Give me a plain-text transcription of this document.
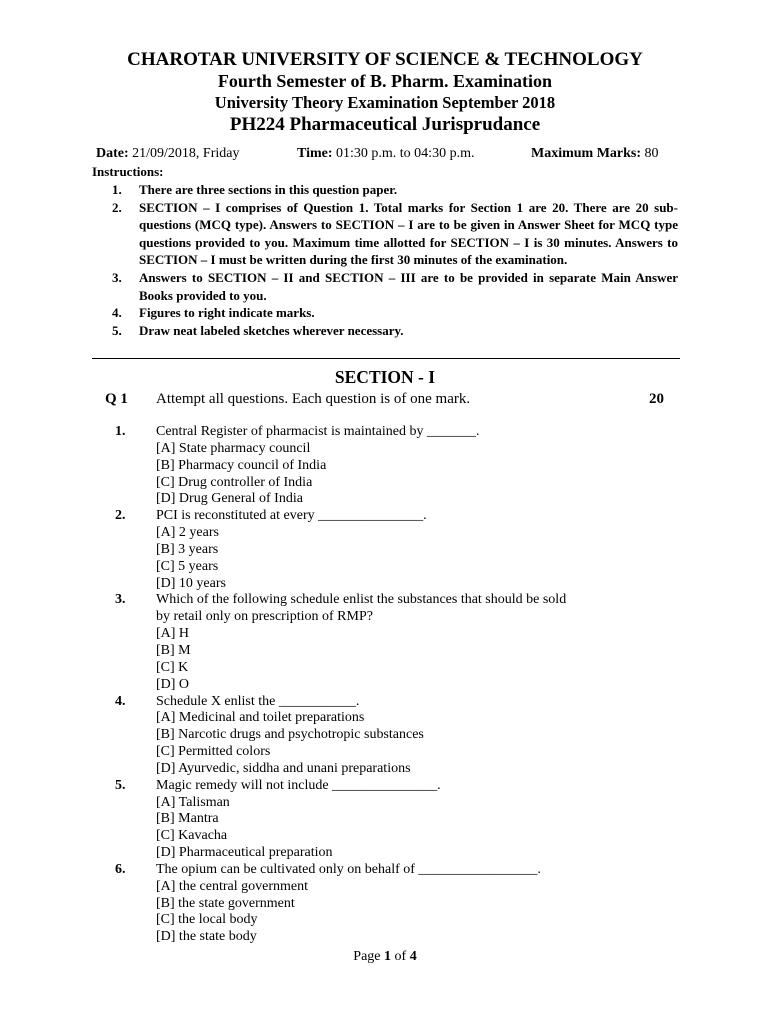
CHAROTAR UNIVERSITY OF SCIENCE & TECHNOLOGY
Fourth Semester of B. Pharm. Examination
University Theory Examination September 2018
PH224 Pharmaceutical Jurisprudance
Date: 21/09/2018, Friday	Time: 01:30 p.m. to 04:30 p.m.	Maximum Marks: 80
Instructions:
1.	There are three sections in this question paper.
2.	SECTION – I comprises of Question 1. Total marks for Section 1 are 20. There are 20 sub-questions (MCQ type). Answers to SECTION – I are to be given in Answer Sheet for MCQ type questions provided to you. Maximum time allotted for SECTION – I is 30 minutes. Answers to SECTION – I must be written during the first 30 minutes of the examination.
3.	Answers to SECTION – II and SECTION – III are to be provided in separate Main Answer Books provided to you.
4.	Figures to right indicate marks.
5.	Draw neat labeled sketches wherever necessary.
SECTION - I
Q 1 Attempt all questions. Each question is of one mark.	20
1.	Central Register of pharmacist is maintained by _______.
[A] State pharmacy council
[B] Pharmacy council of India
[C] Drug controller of India
[D] Drug General of India
2.	PCI is reconstituted at every _______________.
[A] 2 years
[B] 3 years
[C] 5 years
[D] 10 years
3.	Which of the following schedule enlist the substances that should be sold
by retail only on prescription of RMP?
[A] H
[B] M
[C] K
[D] O
4.	Schedule X enlist the ___________.
[A] Medicinal and toilet preparations
[B] Narcotic drugs and psychotropic substances
[C] Permitted colors
[D] Ayurvedic, siddha and unani preparations
5.	Magic remedy will not include _______________.
[A] Talisman
[B] Mantra
[C] Kavacha
[D] Pharmaceutical preparation
6.	The opium can be cultivated only on behalf of _________________.
[A] the central government
[B] the state government
[C] the local body
[D] the state body
Page 1 of 4
